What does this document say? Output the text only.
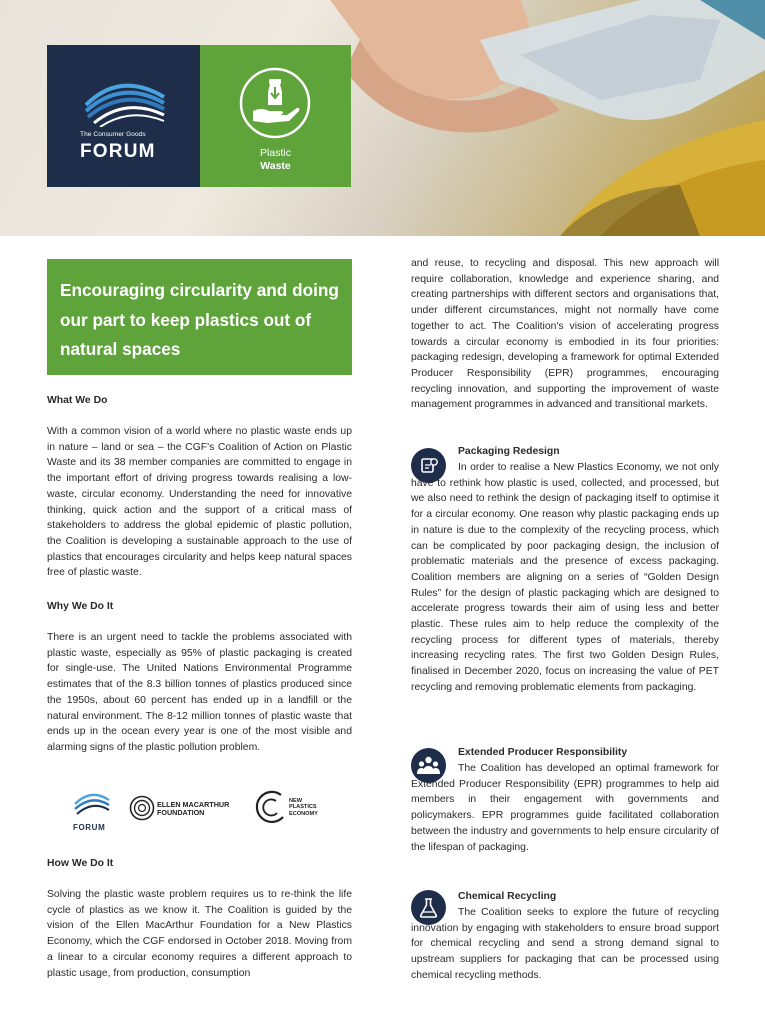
The Consumer Goods
FORUM	Plastic
Waste
Encouraging circularity and doing our part to keep plastics out of natural spaces
What We Do
With a common vision of a world where no plastic waste ends up in nature – land or sea – the CGF's Coalition of Action on Plastic Waste and its 38 member companies are committed to engage in the important effort of driving progress towards realising a low-waste, circular economy. Understanding the need for innovative thinking, quick action and the support of a critical mass of stakeholders to address the global epidemic of plastic pollution, the Coalition is developing a sustainable approach to the use of plastics that encourages circularity and helps keep natural spaces free of plastic waste.
Why We Do It
There is an urgent need to tackle the problems associated with plastic waste, especially as 95% of plastic packaging is created for single-use. The United Nations Environmental Programme estimates that of the 8.3 billion tonnes of plastics produced since the 1950s, about 60 percent has ended up in a landfill or the natural environment. The 8-12 million tonnes of plastic waste that ends up in the ocean every year is one of the most visible and alarming signs of the plastic pollution problem.
FORUM
ELLEN MACARTHUR
FOUNDATION
NEW
PLASTICS
ECONOMY
How We Do It
Solving the plastic waste problem requires us to re-think the life cycle of plastics as we know it. The Coalition is guided by the vision of the Ellen MacArthur Foundation for a New Plastics Economy, which the CGF endorsed in October 2018. Moving from a linear to a circular economy requires a different approach to plastic usage, from production, consumption
and reuse, to recycling and disposal. This new approach will require collaboration, knowledge and experience sharing, and creating partnerships with different sectors and organisations that, under different circumstances, might not normally have come together to act. The Coalition's vision of accelerating progress towards a circular economy is embodied in its four priorities: packaging redesign, developing a framework for optimal Extended Producer Responsibility (EPR) programmes, encouraging recycling innovation, and supporting the improvement of waste management programmes in advanced and transitional markets.
Packaging Redesign
In order to realise a New Plastics Economy, we not only have to rethink how plastic is used, collected, and processed, but we also need to rethink the design of packaging itself to optimise it for a circular economy. One reason why plastic packaging ends up in nature is due to the complexity of the recycling process, which can be complicated by poor packaging design, the inclusion of problematic materials and the presence of excess packaging. Coalition members are aligning on a series of “Golden Design Rules” for the design of plastic packaging which are designed to accelerate progress towards their aim of using less and better plastic. These rules aim to help reduce the complexity of the recycling process for different types of materials, thereby increasing recycling rates. The first two Golden Design Rules, finalised in December 2020, focus on increasing the value of PET recycling and removing problematic elements from packaging.
Extended Producer Responsibility
The Coalition has developed an optimal framework for Extended Producer Responsibility (EPR) programmes to help aid members in their engagement with governments and policymakers. EPR programmes guide facilitated collaboration between the industry and governments to help ensure circularity of the lifespan of packaging.
Chemical Recycling
The Coalition seeks to explore the future of recycling innovation by engaging with stakeholders to ensure broad support for chemical recycling and send a strong demand signal to upstream suppliers for packaging that can be processed using chemical recycling methods.
